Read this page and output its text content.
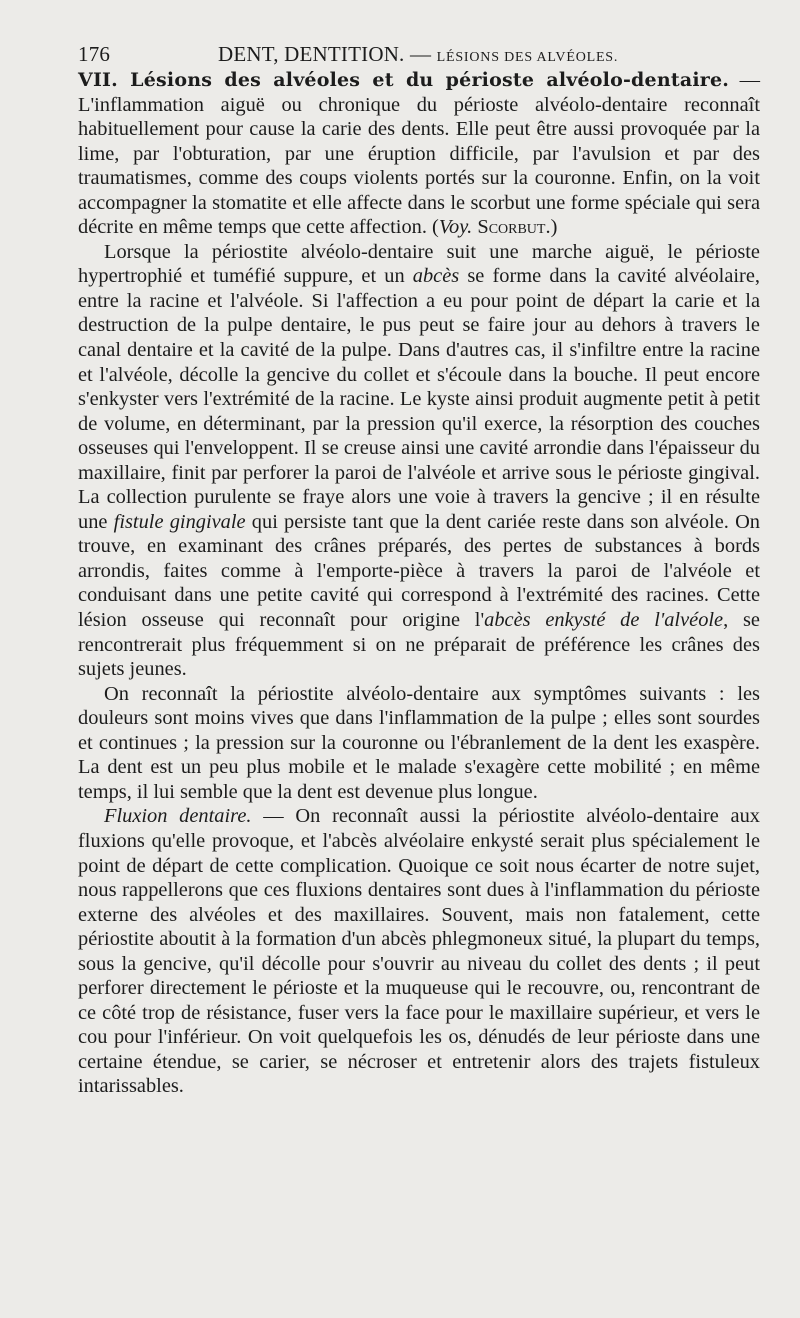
176	DENT, DENTITION. — LÉSIONS DES ALVÉOLES.

VII. Lésions des alvéoles et du périoste alvéolo-dentaire. — L'inflammation aiguë ou chronique du périoste alvéolo-dentaire reconnaît habituellement pour cause la carie des dents. Elle peut être aussi provoquée par la lime, par l'obturation, par une éruption difficile, par l'avulsion et par des traumatismes, comme des coups violents portés sur la couronne. Enfin, on la voit accompagner la stomatite et elle affecte dans le scorbut une forme spéciale qui sera décrite en même temps que cette affection. (Voy. Scorbut.)

Lorsque la périostite alvéolo-dentaire suit une marche aiguë, le périoste hypertrophié et tuméfié suppure, et un abcès se forme dans la cavité alvéolaire, entre la racine et l'alvéole. Si l'affection a eu pour point de départ la carie et la destruction de la pulpe dentaire, le pus peut se faire jour au dehors à travers le canal dentaire et la cavité de la pulpe. Dans d'autres cas, il s'infiltre entre la racine et l'alvéole, décolle la gencive du collet et s'écoule dans la bouche. Il peut encore s'enkyster vers l'extrémité de la racine. Le kyste ainsi produit augmente petit à petit de volume, en déterminant, par la pression qu'il exerce, la résorption des couches osseuses qui l'enveloppent. Il se creuse ainsi une cavité arrondie dans l'épaisseur du maxillaire, finit par perforer la paroi de l'alvéole et arrive sous le périoste gingival. La collection purulente se fraye alors une voie à travers la gencive ; il en résulte une fistule gingivale qui persiste tant que la dent cariée reste dans son alvéole. On trouve, en examinant des crânes préparés, des pertes de substances à bords arrondis, faites comme à l'emporte-pièce à travers la paroi de l'alvéole et conduisant dans une petite cavité qui correspond à l'extrémité des racines. Cette lésion osseuse qui reconnaît pour origine l'abcès enkysté de l'alvéole, se rencontrerait plus fréquemment si on ne préparait de préférence les crânes des sujets jeunes.

On reconnaît la périostite alvéolo-dentaire aux symptômes suivants : les douleurs sont moins vives que dans l'inflammation de la pulpe ; elles sont sourdes et continues ; la pression sur la couronne ou l'ébranlement de la dent les exaspère. La dent est un peu plus mobile et le malade s'exagère cette mobilité ; en même temps, il lui semble que la dent est devenue plus longue.

Fluxion dentaire. — On reconnaît aussi la périostite alvéolo-dentaire aux fluxions qu'elle provoque, et l'abcès alvéolaire enkysté serait plus spécialement le point de départ de cette complication. Quoique ce soit nous écarter de notre sujet, nous rappellerons que ces fluxions dentaires sont dues à l'inflammation du périoste externe des alvéoles et des maxillaires. Souvent, mais non fatalement, cette périostite aboutit à la formation d'un abcès phlegmoneux situé, la plupart du temps, sous la gencive, qu'il décolle pour s'ouvrir au niveau du collet des dents ; il peut perforer directement le périoste et la muqueuse qui le recouvre, ou, rencontrant de ce côté trop de résistance, fuser vers la face pour le maxillaire supérieur, et vers le cou pour l'inférieur. On voit quelquefois les os, dénudés de leur périoste dans une certaine étendue, se carier, se nécroser et entretenir alors des trajets fistuleux intarissables.
